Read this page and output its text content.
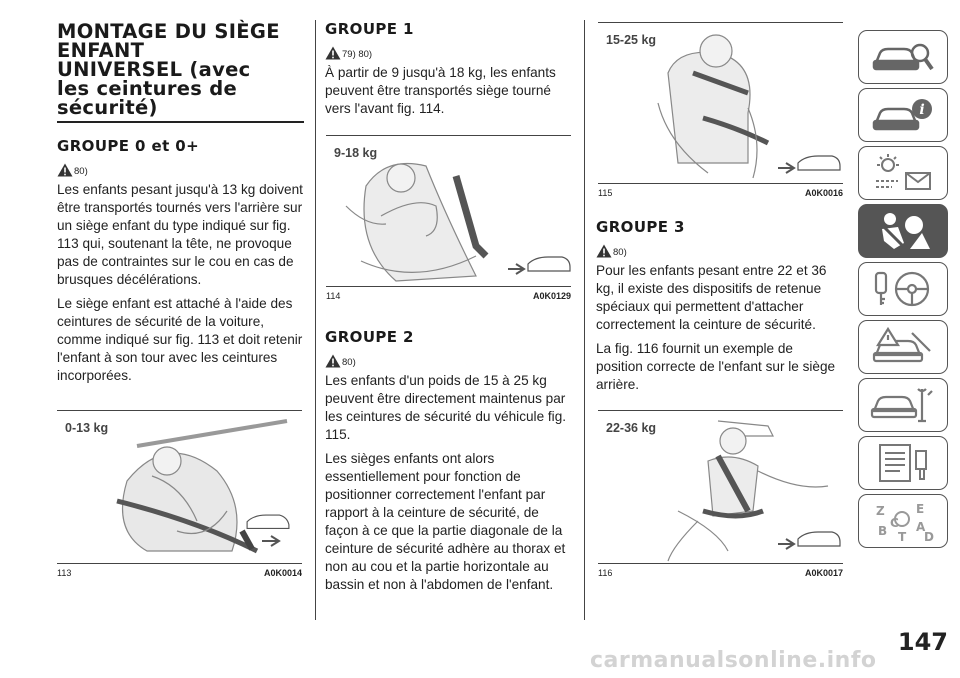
MONTAGE DU SIÈGE
ENFANT
UNIVERSEL (avec
les ceintures de
sécurité)
GROUPE 0 et 0+
80)

Les enfants pesant jusqu'à 13 kg doivent être transportés tournés vers l'arrière sur un siège enfant du type indiqué sur fig. 113 qui, soutenant la tête, ne provoque pas de contraintes sur le cou en cas de brusques décélérations.

Le siège enfant est attaché à l'aide des ceintures de sécurité de la voiture, comme indiqué sur fig. 113 et doit retenir l'enfant à son tour avec les ceintures incorporées.

0-13 kg
113	A0K0014
GROUPE 1
79) 80)

À partir de 9 jusqu'à 18 kg, les enfants peuvent être transportés siège tourné vers l'avant fig. 114.

9-18 kg
114	A0K0129
GROUPE 2
80)

Les enfants d'un poids de 15 à 25 kg peuvent être directement maintenus par les ceintures de sécurité du véhicule fig. 115.

Les sièges enfants ont alors essentiellement pour fonction de positionner correctement l'enfant par rapport à la ceinture de sécurité, de façon à ce que la partie diagonale de la ceinture de sécurité adhère au thorax et non au cou et la partie horizontale au bassin et non à l'abdomen de l'enfant.

15-25 kg
115	A0K0016
GROUPE 3
80)

Pour les enfants pesant entre 22 et 36 kg, il existe des dispositifs de retenue spéciaux qui permettent d'attacher correctement la ceinture de sécurité.

La fig. 116 fournit un exemple de position correcte de l'enfant sur le siège arrière.

22-36 kg
116	A0K0017
i
Z	E
A
B
C
T D
147
carmanualsonline.info
